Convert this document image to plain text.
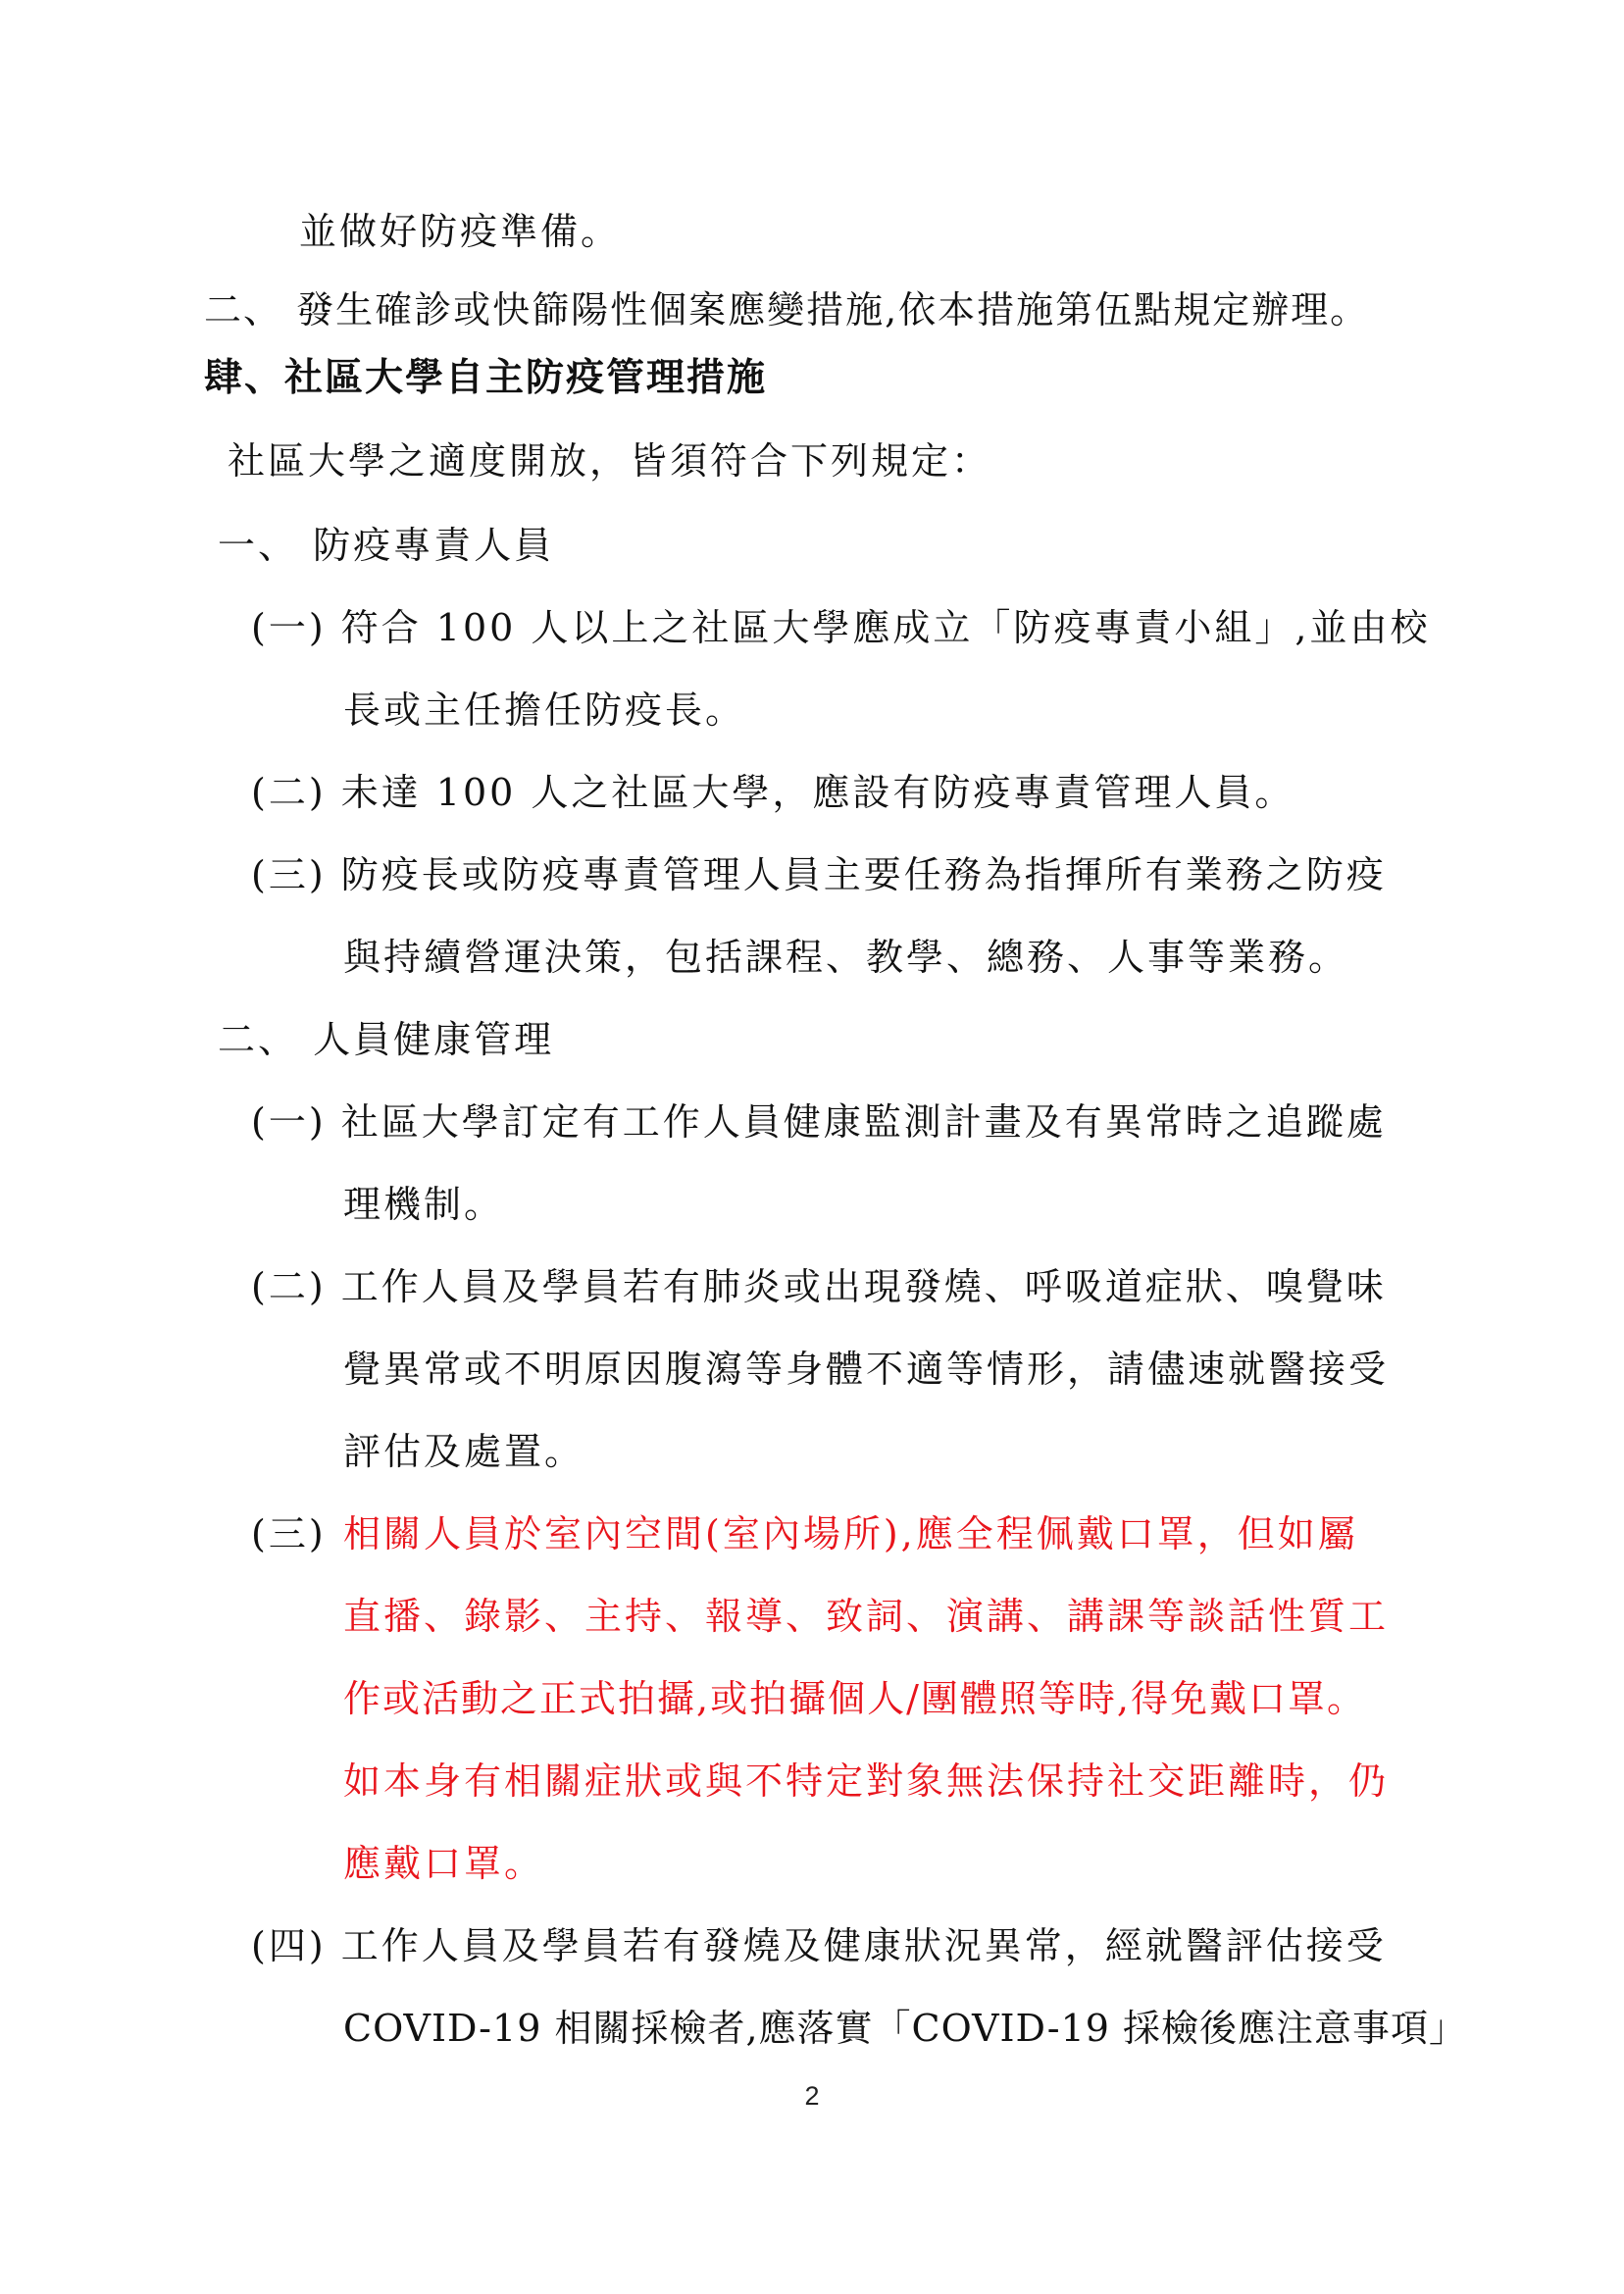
並做好防疫準備。
二、 發生確診或快篩陽性個案應變措施,依本措施第伍點規定辦理。
肆、社區大學自主防疫管理措施
社區大學之適度開放，皆須符合下列規定：
一、 防疫專責人員
(一) 符合 100 人以上之社區大學應成立「防疫專責小組」,並由校
長或主任擔任防疫長。
(二) 未達 100 人之社區大學，應設有防疫專責管理人員。
(三) 防疫長或防疫專責管理人員主要任務為指揮所有業務之防疫
與持續營運決策，包括課程、教學、總務、人事等業務。
二、 人員健康管理
(一) 社區大學訂定有工作人員健康監測計畫及有異常時之追蹤處
理機制。
(二) 工作人員及學員若有肺炎或出現發燒、呼吸道症狀、嗅覺味
覺異常或不明原因腹瀉等身體不適等情形，請儘速就醫接受
評估及處置。
(三) 相關人員於室內空間(室內場所),應全程佩戴口罩，但如屬
直播、錄影、主持、報導、致詞、演講、講課等談話性質工
作或活動之正式拍攝,或拍攝個人/團體照等時,得免戴口罩。
如本身有相關症狀或與不特定對象無法保持社交距離時，仍
應戴口罩。
(四) 工作人員及學員若有發燒及健康狀況異常，經就醫評估接受
COVID-19 相關採檢者,應落實「COVID-19 採檢後應注意事項」
2
